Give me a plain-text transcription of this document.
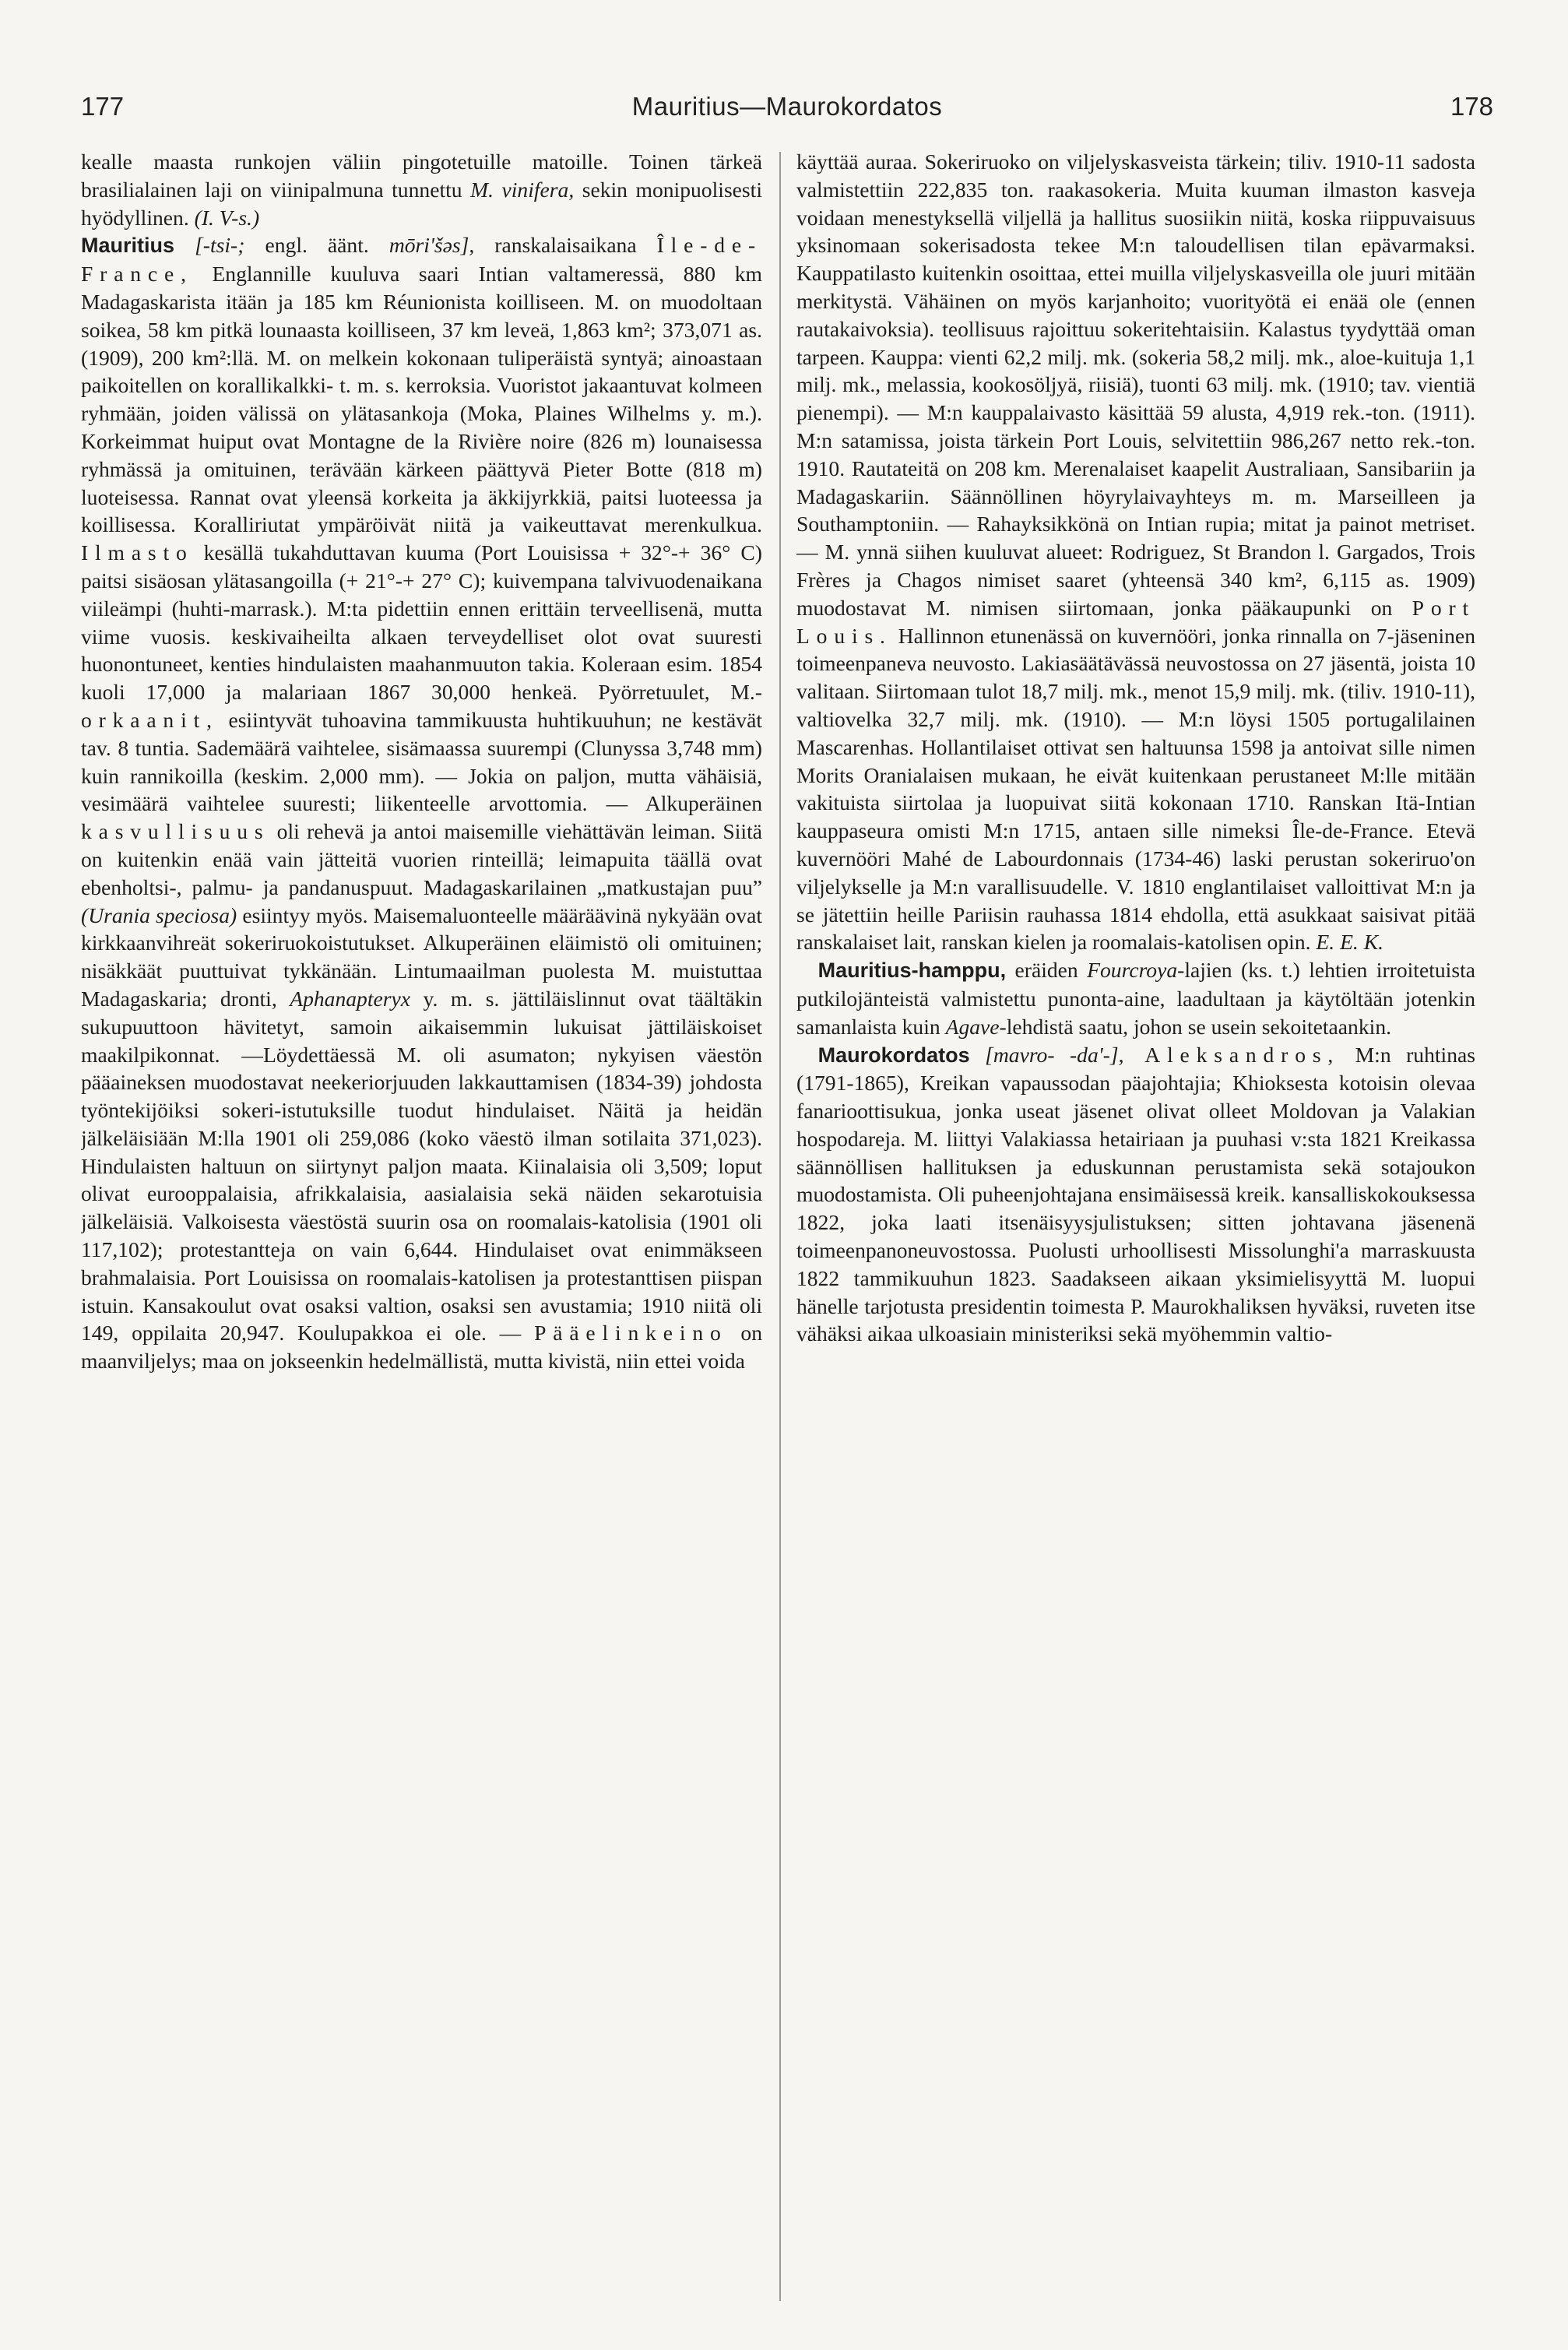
177	Mauritius—Maurokordatos	178

kealle maasta runkojen väliin pingotetuille matoille. Toinen tärkeä brasilialainen laji on viinipalmuna tunnettu M. vinifera, sekin monipuolisesti hyödyllinen. (I. V-s.)

Mauritius [-tsi-; engl. äänt. mōri'šəs], ranskalaisaikana Île-de-France, Englannille kuuluva saari Intian valtameressä, 880 km Madagaskarista itään ja 185 km Réunionista koilliseen. M. on muodoltaan soikea, 58 km pitkä lounaasta koilliseen, 37 km leveä, 1,863 km²; 373,071 as. (1909), 200 km²:llä. M. on melkein kokonaan tuliperäistä syntyä; ainoastaan paikoitellen on korallikalkki- t. m. s. kerroksia. Vuoristot jakaantuvat kolmeen ryhmään, joiden välissä on ylätasankoja (Moka, Plaines Wilhelms y. m.). Korkeimmat huiput ovat Montagne de la Rivière noire (826 m) lounaisessa ryhmässä ja omituinen, terävään kärkeen päättyvä Pieter Botte (818 m) luoteisessa. Rannat ovat yleensä korkeita ja äkkijyrkkiä, paitsi luoteessa ja koillisessa. Koralliriutat ympäröivät niitä ja vaikeuttavat merenkulkua. Ilmasto kesällä tukahduttavan kuuma (Port Louisissa + 32°-+ 36° C) paitsi sisäosan ylätasangoilla (+ 21°-+ 27° C); kuivempana talvivuodenaikana viileämpi (huhti-marrask.). M:ta pidettiin ennen erittäin terveellisenä, mutta viime vuosis. keskivaiheilta alkaen terveydelliset olot ovat suuresti huonontuneet, kenties hindulaisten maahanmuuton takia. Koleraan esim. 1854 kuoli 17,000 ja malariaan 1867 30,000 henkeä. Pyörretuulet, M.-orkaanit, esiintyvät tuhoavina tammikuusta huhtikuuhun; ne kestävät tav. 8 tuntia. Sademäärä vaihtelee, sisämaassa suurempi (Clunyssa 3,748 mm) kuin rannikoilla (keskim. 2,000 mm). — Jokia on paljon, mutta vähäisiä, vesimäärä vaihtelee suuresti; liikenteelle arvottomia. — Alkuperäinen kasvullisuus oli rehevä ja antoi maisemille viehättävän leiman. Siitä on kuitenkin enää vain jätteitä vuorien rinteillä; leimapuita täällä ovat ebenholtsi-, palmu- ja pandanuspuut. Madagaskarilainen „matkustajan puu” (Urania speciosa) esiintyy myös. Maisemaluonteelle määräävinä nykyään ovat kirkkaanvihreät sokeriruokoistutukset. Alkuperäinen eläimistö oli omituinen; nisäkkäät puuttuivat tykkänään. Lintumaailman puolesta M. muistuttaa Madagaskaria; dronti, Aphanapteryx y. m. s. jättiläislinnut ovat täältäkin sukupuuttoon hävitetyt, samoin aikaisemmin lukuisat jättiläiskoiset maakilpikonnat. —Löydettäessä M. oli asumaton; nykyisen väestön pääaineksen muodostavat neekeriorjuuden lakkauttamisen (1834-39) johdosta työntekijöiksi sokeri-istutuksille tuodut hindulaiset. Näitä ja heidän jälkeläisiään M:lla 1901 oli 259,086 (koko väestö ilman sotilaita 371,023). Hindulaisten haltuun on siirtynyt paljon maata. Kiinalaisia oli 3,509; loput olivat eurooppalaisia, afrikkalaisia, aasialaisia sekä näiden sekarotuisia jälkeläisiä. Valkoisesta väestöstä suurin osa on roomalais-katolisia (1901 oli 117,102); protestantteja on vain 6,644. Hindulaiset ovat enimmäkseen brahmalaisia. Port Louisissa on roomalais-katolisen ja protestanttisen piispan istuin. Kansakoulut ovat osaksi valtion, osaksi sen avustamia; 1910 niitä oli 149, oppilaita 20,947. Koulupakkoa ei ole. — Pääelinkeino on maanviljelys; maa on jokseenkin hedelmällistä, mutta kivistä, niin ettei voida

käyttää auraa. Sokeriruoko on viljelyskasveista tärkein; tiliv. 1910-11 sadosta valmistettiin 222,835 ton. raakasokeria. Muita kuuman ilmaston kasveja voidaan menestyksellä viljellä ja hallitus suosiikin niitä, koska riippuvaisuus yksinomaan sokerisadosta tekee M:n taloudellisen tilan epävarmaksi. Kauppatilasto kuitenkin osoittaa, ettei muilla viljelyskasveilla ole juuri mitään merkitystä. Vähäinen on myös karjanhoito; vuorityötä ei enää ole (ennen rautakaivoksia). teollisuus rajoittuu sokeritehtaisiin. Kalastus tyydyttää oman tarpeen. Kauppa: vienti 62,2 milj. mk. (sokeria 58,2 milj. mk., aloe-kuituja 1,1 milj. mk., melassia, kookosöljyä, riisiä), tuonti 63 milj. mk. (1910; tav. vientiä pienempi). — M:n kauppalaivasto käsittää 59 alusta, 4,919 rek.-ton. (1911). M:n satamissa, joista tärkein Port Louis, selvitettiin 986,267 netto rek.-ton. 1910. Rautateitä on 208 km. Merenalaiset kaapelit Australiaan, Sansibariin ja Madagaskariin. Säännöllinen höyrylaivayhteys m. m. Marseilleen ja Southamptoniin. — Rahayksikkönä on Intian rupia; mitat ja painot metriset. — M. ynnä siihen kuuluvat alueet: Rodriguez, St Brandon l. Gargados, Trois Frères ja Chagos nimiset saaret (yhteensä 340 km², 6,115 as. 1909) muodostavat M. nimisen siirtomaan, jonka pääkaupunki on Port Louis. Hallinnon etunenässä on kuvernööri, jonka rinnalla on 7-jäseninen toimeenpaneva neuvosto. Lakiasäätävässä neuvostossa on 27 jäsentä, joista 10 valitaan. Siirtomaan tulot 18,7 milj. mk., menot 15,9 milj. mk. (tiliv. 1910-11), valtiovelka 32,7 milj. mk. (1910). — M:n löysi 1505 portugalilainen Mascarenhas. Hollantilaiset ottivat sen haltuunsa 1598 ja antoivat sille nimen Morits Oranialaisen mukaan, he eivät kuitenkaan perustaneet M:lle mitään vakituista siirtolaa ja luopuivat siitä kokonaan 1710. Ranskan Itä-Intian kauppaseura omisti M:n 1715, antaen sille nimeksi Île-de-France. Etevä kuvernööri Mahé de Labourdonnais (1734-46) laski perustan sokeriruo'on viljelykselle ja M:n varallisuudelle. V. 1810 englantilaiset valloittivat M:n ja se jätettiin heille Pariisin rauhassa 1814 ehdolla, että asukkaat saisivat pitää ranskalaiset lait, ranskan kielen ja roomalais-katolisen opin. E. E. K.

 Mauritius-hamppu, eräiden Fourcroya-lajien (ks. t.) lehtien irroitetuista putkilojänteistä valmistettu punonta-aine, laadultaan ja käytöltään jotenkin samanlaista kuin Agave-lehdistä saatu, johon se usein sekoitetaankin.

 Maurokordatos [mavro- -da'-], Aleksandros, M:n ruhtinas (1791-1865), Kreikan vapaussodan päajohtajia; Khioksesta kotoisin olevaa fanarioottisukua, jonka useat jäsenet olivat olleet Moldovan ja Valakian hospodareja. M. liittyi Valakiassa hetairiaan ja puuhasi v:sta 1821 Kreikassa säännöllisen hallituksen ja eduskunnan perustamista sekä sotajoukon muodostamista. Oli puheenjohtajana ensimäisessä kreik. kansalliskokouksessa 1822, joka laati itsenäisyysjulistuksen; sitten johtavana jäsenenä toimeenpanoneuvostossa. Puolusti urhoollisesti Missolunghi'a marraskuusta 1822 tammikuuhun 1823. Saadakseen aikaan yksimielisyyttä M. luopui hänelle tarjotusta presidentin toimesta P. Maurokhaliksen hyväksi, ruveten itse vähäksi aikaa ulkoasiain ministeriksi sekä myöhemmin valtio-
